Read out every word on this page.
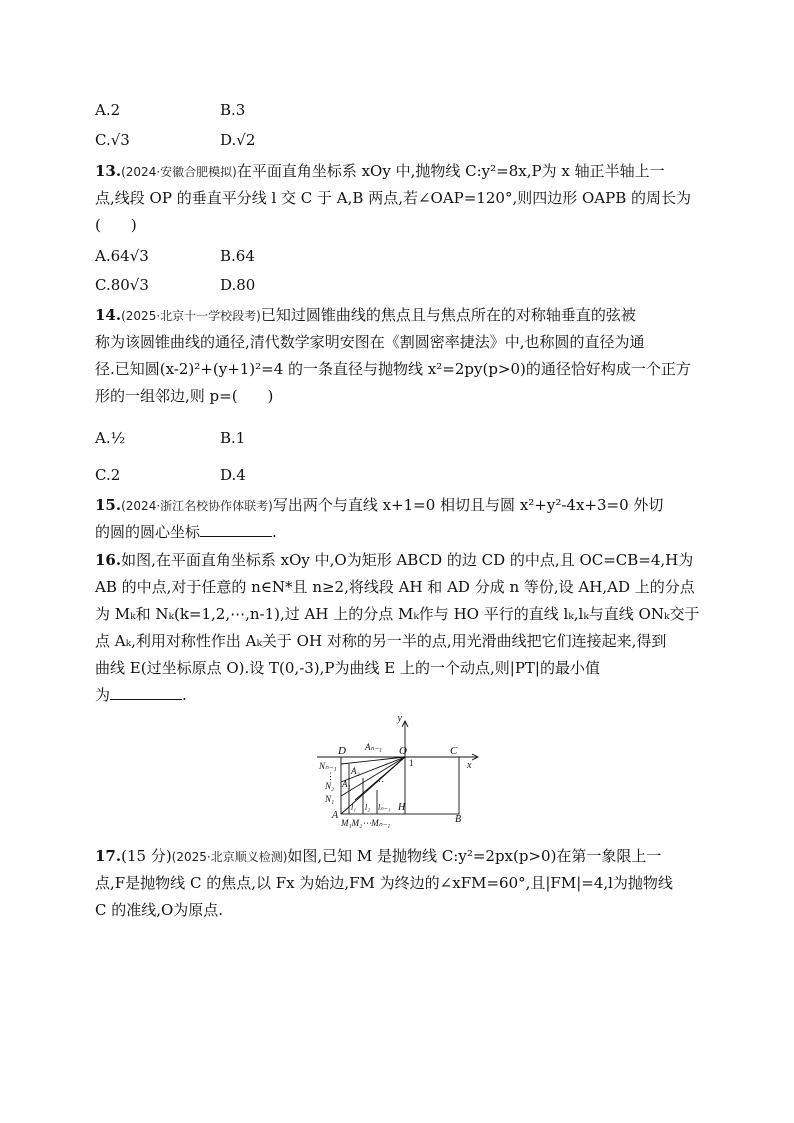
A.2	B.3
C.√3	D.√2
13.(2024·安徽合肥模拟)在平面直角坐标系 xOy 中,抛物线 C:y²=8x,P为 x 轴正半轴上一
点,线段 OP 的垂直平分线 l 交 C 于 A,B 两点,若∠OAP=120°,则四边形 OAPB 的周长为
(　　)
A.64√3	B.64
C.80√3	D.80
14.(2025·北京十一学校段考)已知过圆锥曲线的焦点且与焦点所在的对称轴垂直的弦被
称为该圆锥曲线的通径,清代数学家明安图在《割圆密率捷法》中,也称圆的直径为通
径.已知圆(x-2)²+(y+1)²=4 的一条直径与抛物线 x²=2py(p>0)的通径恰好构成一个正方
形的一组邻边,则 p=(　　)
A.½	B.1
C.2	D.4
15.(2024·浙江名校协作体联考)写出两个与直线 x+1=0 相切且与圆 x²+y²-4x+3=0 外切
的圆的圆心坐标	.
16.如图,在平面直角坐标系 xOy 中,O为矩形 ABCD 的边 CD 的中点,且 OC=CB=4,H为
AB 的中点,对于任意的 n∈N*且 n≥2,将线段 AH 和 AD 分成 n 等份,设 AH,AD 上的分点
为 Mₖ和 Nₖ(k=1,2,⋯,n-1),过 AH 上的分点 Mₖ作与 HO 平行的直线 lₖ,lₖ与直线 ONₖ交于
点 Aₖ,利用对称性作出 Aₖ关于 OH 对称的另一半的点,用光滑曲线把它们连接起来,得到
曲线 E(过坐标原点 O).设 T(0,-3),P为曲线 E 上的一个动点,则|PT|的最小值
为	.
y
x
D	O	C
1
Aₙ₋₁
Nₙ₋₁
⋮
N₂
N₁
A₂
A₁
A
H
B
l₁ l₂ lₙ₋₁
⋯
M₁M₂⋯Mₙ₋₁
17.(15 分)(2025·北京顺义检测)如图,已知 M 是抛物线 C:y²=2px(p>0)在第一象限上一
点,F是抛物线 C 的焦点,以 Fx 为始边,FM 为终边的∠xFM=60°,且|FM|=4,l为抛物线
C 的准线,O为原点.
